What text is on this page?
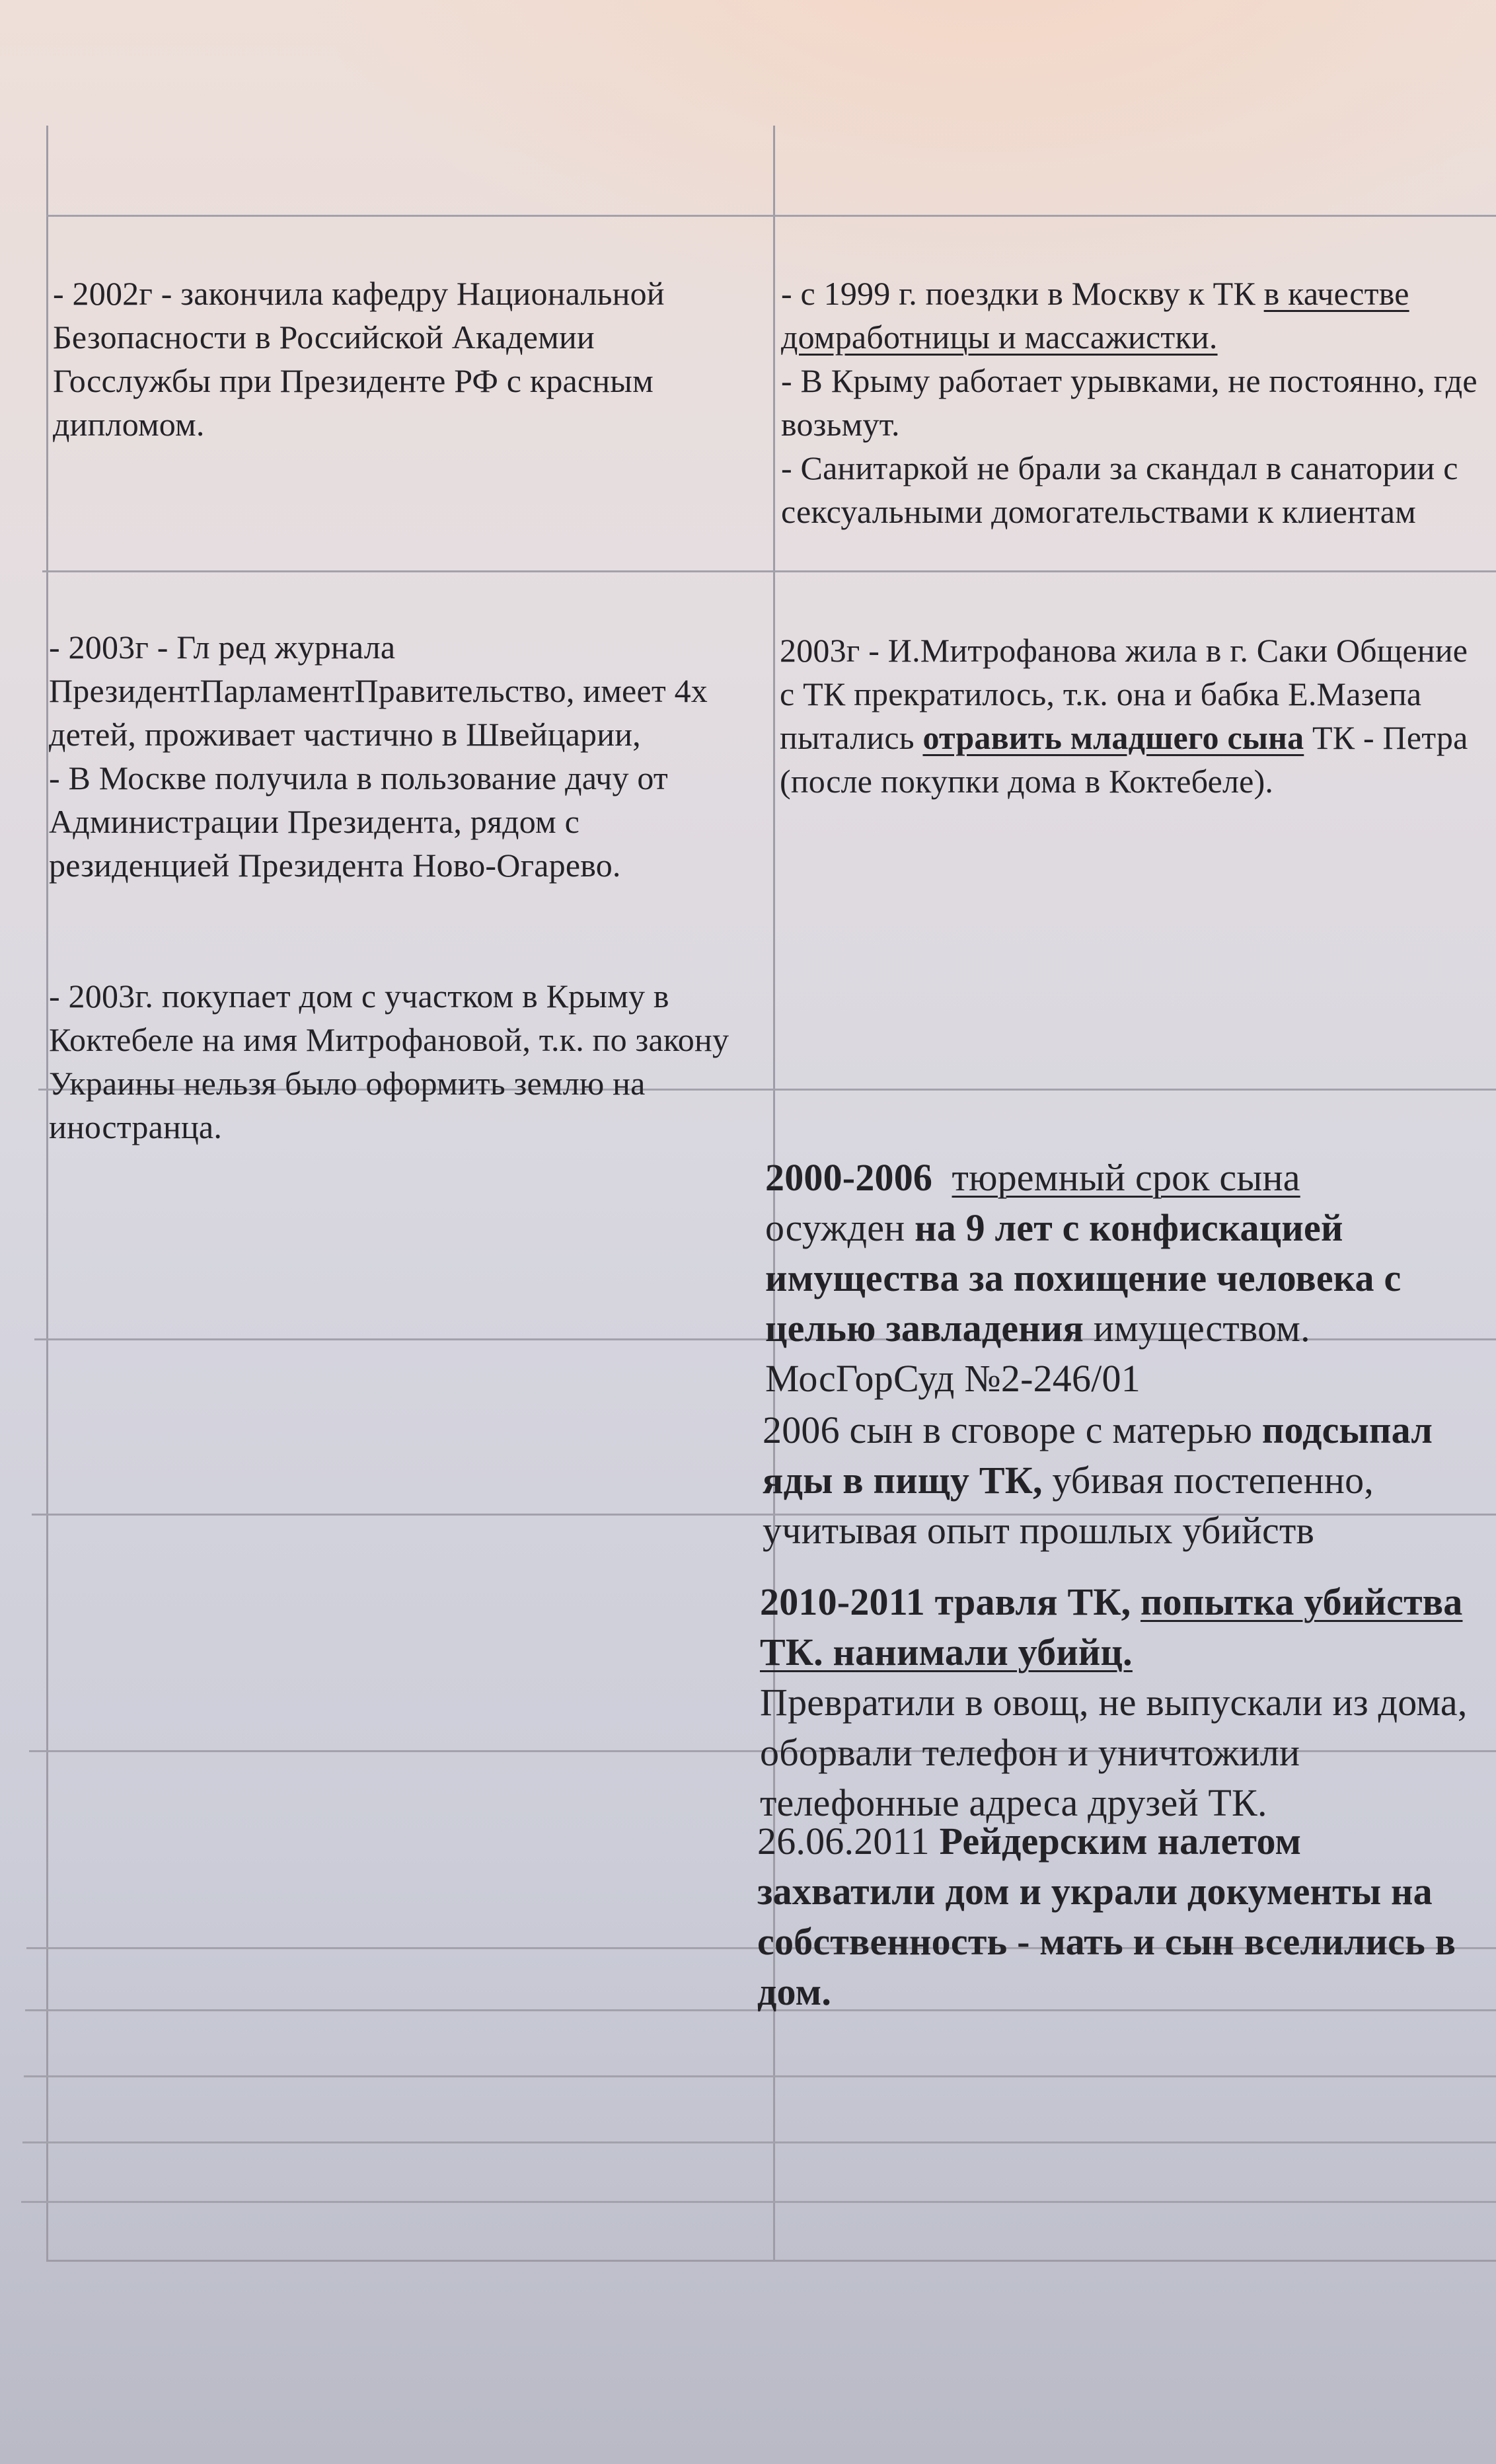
- 2002г - закончила кафедру Национальной Безопасности в Российской Академии Госслужбы при Президенте РФ с красным дипломом.

- 2003г - Гл ред журнала ПрезидентПарламентПравительство, имеет 4х детей, проживает частично в Швейцарии,
- В Москве получила в пользование дачу от Администрации Президента, рядом с резиденцией Президента Ново-Огарево.

- 2003г. покупает дом с участком в Крыму в Коктебеле на имя Митрофановой, т.к. по закону Украины нельзя было оформить землю на иностранца.

- с 1999 г. поездки в Москву к ТК в качестве домработницы и массажистки.
- В Крыму работает урывками, не постоянно, где возьмут.
- Санитаркой не брали за скандал в санатории с сексуальными домогательствами к клиентам

2003г - И.Митрофанова жила в г. Саки Общение с ТК прекратилось, т.к. она и бабка Е.Мазепа пытались отравить младшего сына ТК - Петра (после покупки дома в Коктебеле).

2000-2006 тюремный срок сына
осужден на 9 лет с конфискацией имущества за похищение человека с целью завладения имуществом. МосГорСуд №2-246/01

2006 сын в сговоре с матерью подсыпал яды в пищу ТК, убивая постепенно, учитывая опыт прошлых убийств

2010-2011 травля ТК, попытка убийства ТК. нанимали убийц.
Превратили в овощ, не выпускали из дома, оборвали телефон и уничтожили телефонные адреса друзей ТК.

26.06.2011 Рейдерским налетом захватили дом и украли документы на собственность - мать и сын вселились в дом.
